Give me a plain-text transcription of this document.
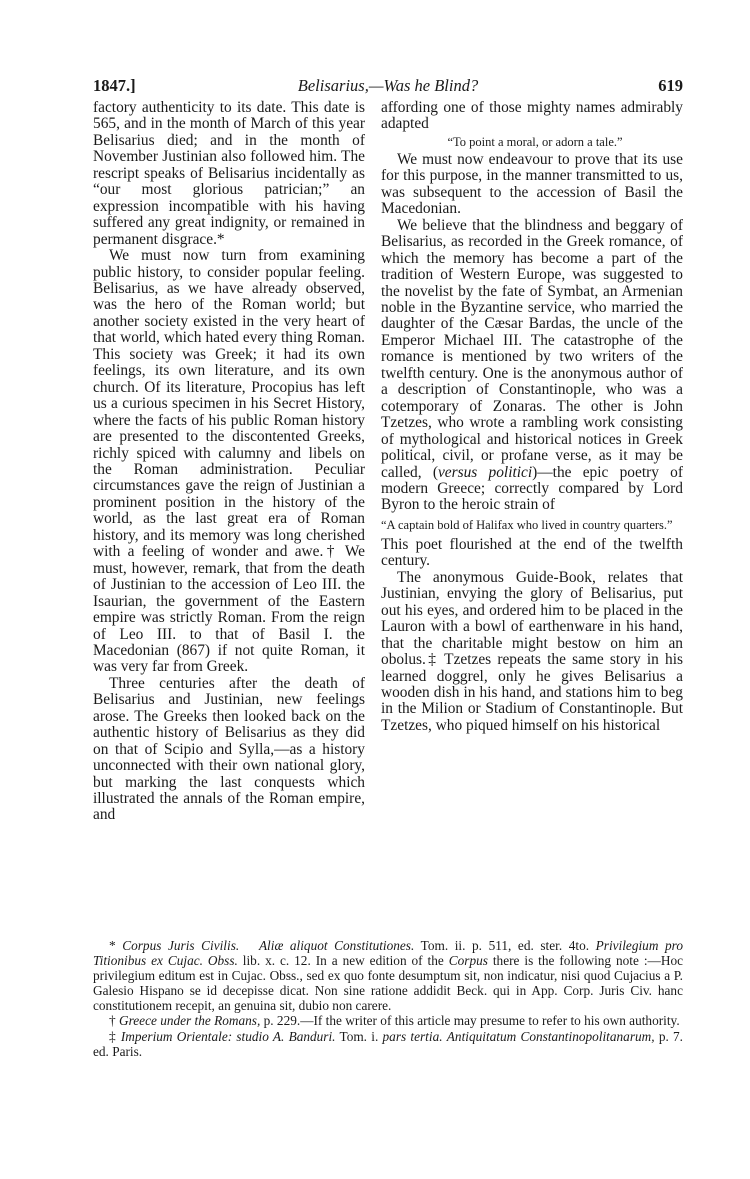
1847.]	Belisarius,—Was he Blind?	619

factory authenticity to its date. This date is 565, and in the month of March of this year Belisarius died; and in the month of November Justinian also followed him. The rescript speaks of Belisarius incidentally as “our most glorious patrician;” an expression incompatible with his having suffered any great indignity, or remained in permanent disgrace.*

We must now turn from examining public history, to consider popular feeling. Belisarius, as we have already observed, was the hero of the Roman world; but another society existed in the very heart of that world, which hated every thing Roman. This society was Greek; it had its own feelings, its own literature, and its own church. Of its literature, Procopius has left us a curious specimen in his Secret History, where the facts of his public Roman history are presented to the discontented Greeks, richly spiced with calumny and libels on the Roman administration. Peculiar circumstances gave the reign of Justinian a prominent position in the history of the world, as the last great era of Roman history, and its memory was long cherished with a feeling of wonder and awe.† We must, however, remark, that from the death of Justinian to the accession of Leo III. the Isaurian, the government of the Eastern empire was strictly Roman. From the reign of Leo III. to that of Basil I. the Macedonian (867) if not quite Roman, it was very far from Greek.

Three centuries after the death of Belisarius and Justinian, new feelings arose. The Greeks then looked back on the authentic history of Belisarius as they did on that of Scipio and Sylla,—as a history unconnected with their own national glory, but marking the last conquests which illustrated the annals of the Roman empire, and

affording one of those mighty names admirably adapted

“To point a moral, or adorn a tale.”

We must now endeavour to prove that its use for this purpose, in the manner transmitted to us, was subsequent to the accession of Basil the Macedonian.

We believe that the blindness and beggary of Belisarius, as recorded in the Greek romance, of which the memory has become a part of the tradition of Western Europe, was suggested to the novelist by the fate of Symbat, an Armenian noble in the Byzantine service, who married the daughter of the Cæsar Bardas, the uncle of the Emperor Michael III. The catastrophe of the romance is mentioned by two writers of the twelfth century. One is the anonymous author of a description of Constantinople, who was a cotemporary of Zonaras. The other is John Tzetzes, who wrote a rambling work consisting of mythological and historical notices in Greek political, civil, or profane verse, as it may be called, (versus politici)—the epic poetry of modern Greece; correctly compared by Lord Byron to the heroic strain of

“A captain bold of Halifax who lived in country quarters.”

This poet flourished at the end of the twelfth century.

The anonymous Guide-Book, relates that Justinian, envying the glory of Belisarius, put out his eyes, and ordered him to be placed in the Lauron with a bowl of earthenware in his hand, that the charitable might bestow on him an obolus.‡ Tzetzes repeats the same story in his learned doggrel, only he gives Belisarius a wooden dish in his hand, and stations him to beg in the Milion or Stadium of Constantinople. But Tzetzes, who piqued himself on his historical

* Corpus Juris Civilis. Aliæ aliquot Constitutiones. Tom. ii. p. 511, ed. ster. 4to. Privilegium pro Titionibus ex Cujac. Obss. lib. x. c. 12. In a new edition of the Corpus there is the following note :—Hoc privilegium editum est in Cujac. Obss., sed ex quo fonte desumptum sit, non indicatur, nisi quod Cujacius a P. Galesio Hispano se id decepisse dicat. Non sine ratione addidit Beck. qui in App. Corp. Juris Civ. hanc constitutionem recepit, an genuina sit, dubio non carere.

† Greece under the Romans, p. 229.—If the writer of this article may presume to refer to his own authority.

‡ Imperium Orientale: studio A. Banduri. Tom. i. pars tertia. Antiquitatum Constantinopolitanarum, p. 7. ed. Paris.
